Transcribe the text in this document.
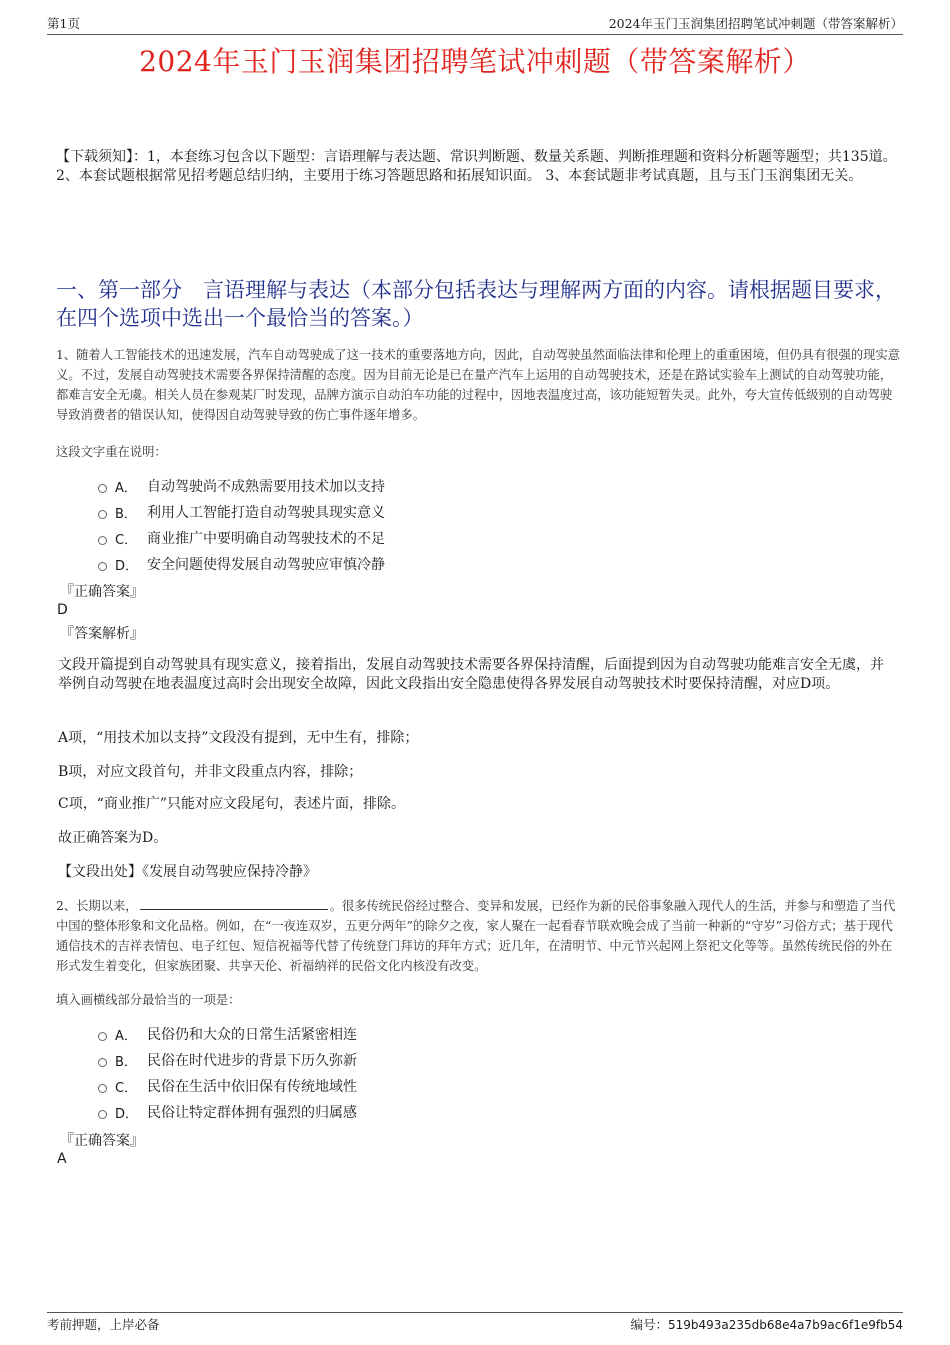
第1页	2024年玉门玉润集团招聘笔试冲刺题（带答案解析）
2024年玉门玉润集团招聘笔试冲刺题（带答案解析）
【下载须知】：1，本套练习包含以下题型：言语理解与表达题、常识判断题、数量关系题、判断推理题和资料分析题等题型；共135道。 2、本套试题根据常见招考题总结归纳，主要用于练习答题思路和拓展知识面。 3、本套试题非考试真题，且与玉门玉润集团无关。
一、第一部分　言语理解与表达（本部分包括表达与理解两方面的内容。请根据题目要求，在四个选项中选出一个最恰当的答案。）
1、随着人工智能技术的迅速发展，汽车自动驾驶成了这一技术的重要落地方向，因此，自动驾驶虽然面临法律和伦理上的重重困境，但仍具有很强的现实意义。不过，发展自动驾驶技术需要各界保持清醒的态度。因为目前无论是已在量产汽车上运用的自动驾驶技术，还是在路试实验车上测试的自动驾驶功能，都难言安全无虞。相关人员在参观某厂时发现，品牌方演示自动泊车功能的过程中，因地表温度过高，该功能短暂失灵。此外，夸大宣传低级别的自动驾驶导致消费者的错误认知，使得因自动驾驶导致的伤亡事件逐年增多。
这段文字重在说明：
A． 自动驾驶尚不成熟需要用技术加以支持
B． 利用人工智能打造自动驾驶具现实意义
C． 商业推广中要明确自动驾驶技术的不足
D． 安全问题使得发展自动驾驶应审慎冷静
『正确答案』
D
『答案解析』
文段开篇提到自动驾驶具有现实意义，接着指出，发展自动驾驶技术需要各界保持清醒，后面提到因为自动驾驶功能难言安全无虞，并举例自动驾驶在地表温度过高时会出现安全故障，因此文段指出安全隐患使得各界发展自动驾驶技术时要保持清醒，对应D项。
A项，“用技术加以支持”文段没有提到，无中生有，排除；
B项，对应文段首句，并非文段重点内容，排除；
C项，“商业推广”只能对应文段尾句，表述片面，排除。
故正确答案为D。
【文段出处】《发展自动驾驶应保持冷静》
2、长期以来，	。很多传统民俗经过整合、变异和发展，已经作为新的民俗事象融入现代人的生活，并参与和塑造了当代中国的整体形象和文化品格。例如，在“一夜连双岁，五更分两年”的除夕之夜，家人聚在一起看春节联欢晚会成了当前一种新的“守岁”习俗方式；基于现代通信技术的吉祥表情包、电子红包、短信祝福等代替了传统登门拜访的拜年方式；近几年，在清明节、中元节兴起网上祭祀文化等等。虽然传统民俗的外在形式发生着变化，但家族团聚、共享天伦、祈福纳祥的民俗文化内核没有改变。
填入画横线部分最恰当的一项是：
A． 民俗仍和大众的日常生活紧密相连
B． 民俗在时代进步的背景下历久弥新
C． 民俗在生活中依旧保有传统地域性
D． 民俗让特定群体拥有强烈的归属感
『正确答案』
A
考前押题，上岸必备	编号：519b493a235db68e4a7b9ac6f1e9fb54
